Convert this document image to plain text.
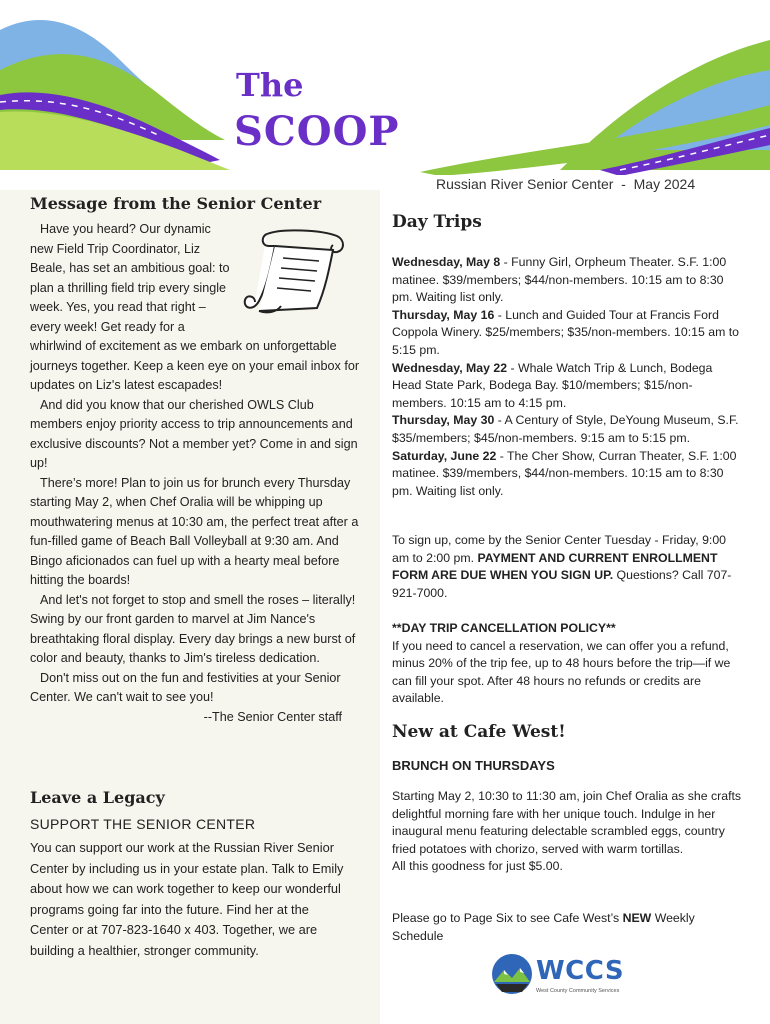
The
SCOOP
Russian River Senior Center  -  May 2024
Message from the Senior Center

Have you heard? Our dynamic new Field Trip Coordinator, Liz Beale, has set an ambitious goal: to plan a thrilling field trip every single week. Yes, you read that right – every week! Get ready for a whirlwind of excitement as we embark on unforgettable journeys together. Keep a keen eye on your email inbox for updates on Liz's latest escapades!

And did you know that our cherished OWLS Club members enjoy priority access to trip announcements and exclusive discounts? Not a member yet? Come in and sign up!

There’s more! Plan to join us for brunch every Thursday starting May 2, when Chef Oralia will be whipping up mouthwatering menus at 10:30 am, the perfect treat after a fun-filled game of Beach Ball Volleyball at 9:30 am. And Bingo aficionados can fuel up with a hearty meal before hitting the boards!

And let's not forget to stop and smell the roses – literally! Swing by our front garden to marvel at Jim Nance's breathtaking floral display. Every day brings a new burst of color and beauty, thanks to Jim's tireless dedication.

Don't miss out on the fun and festivities at your Senior Center. We can't wait to see you!

--The Senior Center staff

Leave a Legacy
SUPPORT THE SENIOR CENTER

You can support our work at the Russian River Senior Center by including us in your estate plan. Talk to Emily about how we can work together to keep our wonderful programs going far into the future. Find her at the Center or at 707-823-1640 x 403. Together, we are building a healthier, stronger community.

Day Trips

Wednesday, May 8 - Funny Girl, Orpheum Theater. S.F. 1:00 matinee. $39/members; $44/non-members. 10:15 am to 8:30 pm. Waiting list only.

Thursday, May 16 - Lunch and Guided Tour at Francis Ford Coppola Winery. $25/members; $35/non-members. 10:15 am to 5:15 pm.

Wednesday, May 22 - Whale Watch Trip & Lunch, Bodega Head State Park, Bodega Bay. $10/members; $15/non-members. 10:15 am to 4:15 pm.

Thursday, May 30 - A Century of Style, DeYoung Museum, S.F. $35/members; $45/non-members. 9:15 am to 5:15 pm.

Saturday, June 22 - The Cher Show, Curran Theater, S.F. 1:00 matinee. $39/members, $44/non-members. 10:15 am to 8:30 pm. Waiting list only.

To sign up, come by the Senior Center Tuesday - Friday, 9:00 am to 2:00 pm. PAYMENT AND CURRENT ENROLLMENT FORM ARE DUE WHEN YOU SIGN UP. Questions? Call 707-921-7000.

**DAY TRIP CANCELLATION POLICY**
If you need to cancel a reservation, we can offer you a refund, minus 20% of the trip fee, up to 48 hours before the trip—if we can fill your spot. After 48 hours no refunds or credits are available.
New at Cafe West!
BRUNCH ON THURSDAYS
Starting May 2, 10:30 to 11:30 am, join Chef Oralia as she crafts delightful morning fare with her unique touch. Indulge in her inaugural menu featuring delectable scrambled eggs, country fried potatoes with chorizo, served with warm tortillas.
All this goodness for just $5.00.

Please go to Page Six to see Cafe West’s NEW Weekly Schedule

WCCS
West County Community Services
